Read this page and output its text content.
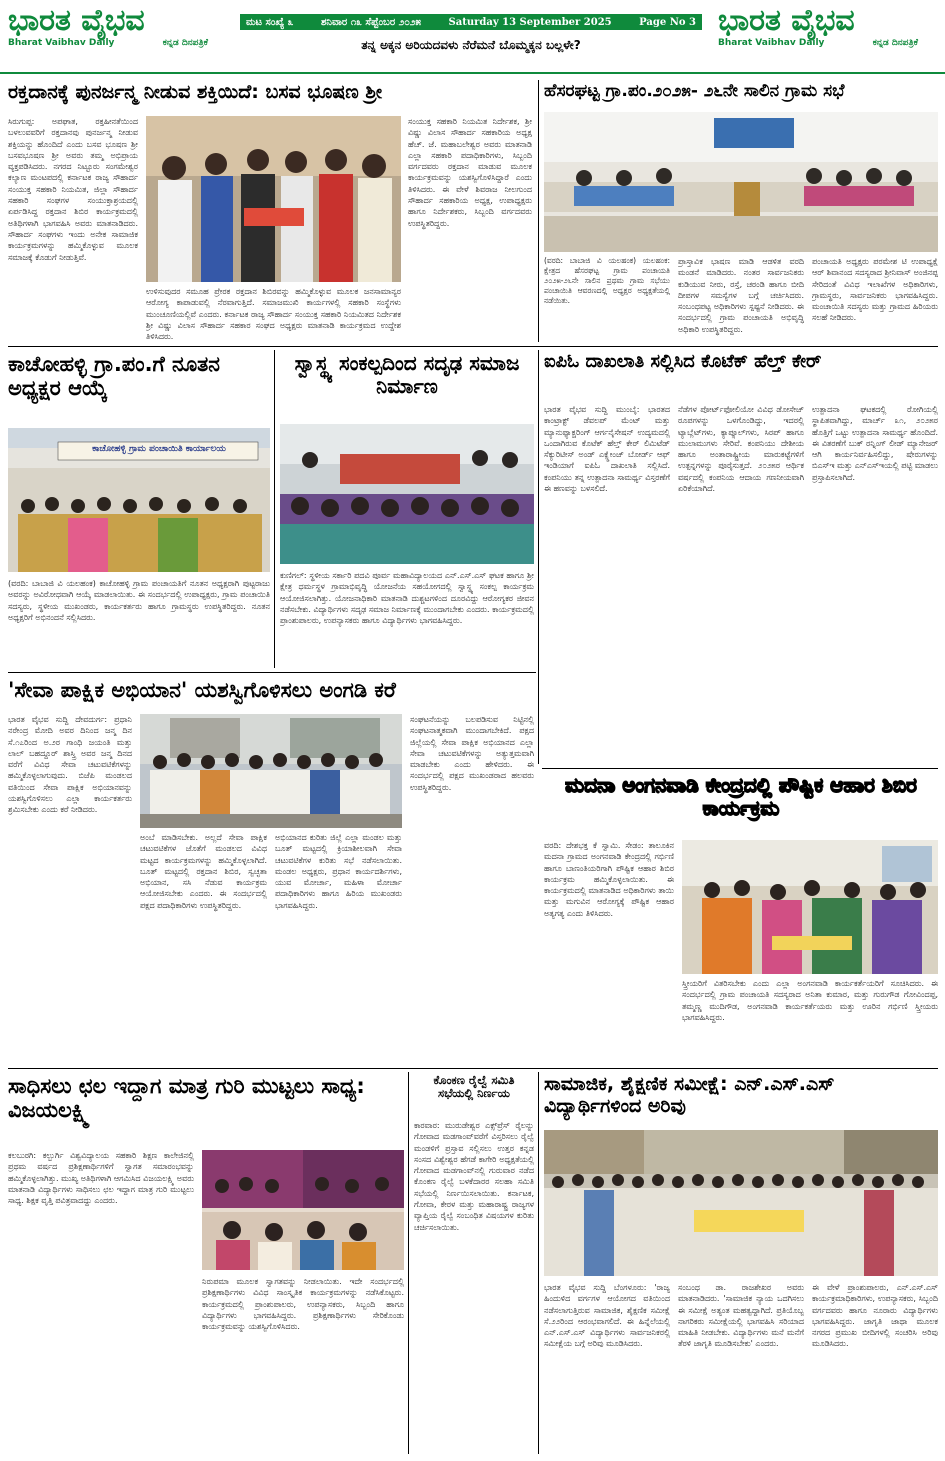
ಭಾರತ ವೈಭವ
Bharat Vaibhav Daily	ಕನ್ನಡ ದಿನಪತ್ರಿಕೆ
ಮಟ ಸಂಖ್ಯೆ ೩	ಶನಿವಾರ ೧೩ ಸೆಪ್ಟೆಂಬರ ೨೦೨೫	Saturday 13 September 2025	Page No 3
ತನ್ನ ಅಕ್ಕನ ಅರಿಯದವಳು ನೆರೆಮನೆ ಬೊಮ್ಮಕ್ಕನ ಬಲ್ಲಳೇ?
ಭಾರತ ವೈಭವ
Bharat Vaibhav Daily	ಕನ್ನಡ ದಿನಪತ್ರಿಕೆ
ರಕ್ತದಾನಕ್ಕೆ ಪುನರ್ಜನ್ಮ ನೀಡುವ ಶಕ್ತಿಯಿದೆ: ಬಸವ ಭೂಷಣ ಶ್ರೀ
ಸಿರುಗುಪ್ಪ: ಅಪಘಾತ, ರಕ್ತಹೀನತೆಯಿಂದ ಬಳಲುವವರಿಗೆ ರಕ್ತದಾನವು ಪುನರ್ಜನ್ಮ ನೀಡುವ ಶಕ್ತಿಯನ್ನು ಹೊಂದಿದೆ ಎಂದು ಬಸವ ಭೂಷಣ ಶ್ರೀ ಬಸವಭೂಷಣ ಶ್ರೀ ಅವರು ತಮ್ಮ ಅಭಿಪ್ರಾಯ ವ್ಯಕ್ತಪಡಿಸಿದರು. ನಗರದ ನಿಟ್ಟೂರು ಸಂಗಮೇಶ್ವರ ಕಲ್ಯಾಣ ಮಂಟಪದಲ್ಲಿ ಕರ್ನಾಟಕ ರಾಜ್ಯ ಸೌಹಾರ್ದ ಸಂಯುಕ್ತ ಸಹಕಾರಿ ನಿಯಮಿತ, ಜಿಲ್ಲಾ ಸೌಹಾರ್ದ ಸಹಕಾರಿ ಸಂಘಗಳ ಸಂಯುಕ್ತಾಶ್ರಯದಲ್ಲಿ ಏರ್ಪಡಿಸಿದ್ದ ರಕ್ತದಾನ ಶಿಬಿರ ಕಾರ್ಯಕ್ರಮದಲ್ಲಿ ಅತಿಥಿಗಳಾಗಿ ಭಾಗವಹಿಸಿ ಅವರು ಮಾತನಾಡಿದರು. ಸೌಹಾರ್ದ ಸಂಘಗಳು ಇಂದು ಅನೇಕ ಸಾಮಾಜಿಕ ಕಾರ್ಯಕ್ರಮಗಳನ್ನು ಹಮ್ಮಿಕೊಳ್ಳುವ ಮೂಲಕ ಸಮಾಜಕ್ಕೆ ಕೊಡುಗೆ ನೀಡುತ್ತಿವೆ.
ಉಳಿಸುವುದರ ಸಮೂಹ ಪ್ರೇರಕ ರಕ್ತದಾನ ಶಿಬಿರವನ್ನು ಹಮ್ಮಿಕೊಳ್ಳುವ ಮೂಲಕ ಜನಸಾಮಾನ್ಯರ ಆರೋಗ್ಯ ಕಾಪಾಡುವಲ್ಲಿ ನೆರವಾಗುತ್ತಿದೆ. ಸಮಾಜಮುಖಿ ಕಾರ್ಯಗಳಲ್ಲಿ ಸಹಕಾರಿ ಸಂಸ್ಥೆಗಳು ಮುಂಚೂಣಿಯಲ್ಲಿವೆ ಎಂದರು. ಕರ್ನಾಟಕ ರಾಜ್ಯ ಸೌಹಾರ್ದ ಸಂಯುಕ್ತ ಸಹಕಾರಿ ನಿಯಮಿತದ ನಿರ್ದೇಶಕ ಶ್ರೀ ವಿಷ್ಣು ವಿಲಾಸ ಸೌಹಾರ್ದ ಸಹಕಾರ ಸಂಘದ ಅಧ್ಯಕ್ಷರು ಮಾತನಾಡಿ ಕಾರ್ಯಕ್ರಮದ ಉದ್ದೇಶ ತಿಳಿಸಿದರು.
ಸಂಯುಕ್ತ ಸಹಕಾರಿ ನಿಯಮಿತ ನಿರ್ದೇಶಕ, ಶ್ರೀ ವಿಷ್ಣು ವಿಲಾಸ ಸೌಹಾರ್ದ ಸಹಕಾರಿಯ ಅಧ್ಯಕ್ಷ ಹೆಚ್. ಜೆ. ಮಹಾಬಲೇಶ್ವರ ಅವರು ಮಾತನಾಡಿ ಎಲ್ಲಾ ಸಹಕಾರಿ ಪದಾಧಿಕಾರಿಗಳು, ಸಿಬ್ಬಂದಿ ವರ್ಗದವರು ರಕ್ತದಾನ ಮಾಡುವ ಮೂಲಕ ಕಾರ್ಯಕ್ರಮವನ್ನು ಯಶಸ್ವಿಗೊಳಿಸಿದ್ದಾರೆ ಎಂದು ತಿಳಿಸಿದರು. ಈ ವೇಳೆ ಶಿವರಾಜ ನೀಲಗುಂದ ಸೌಹಾರ್ದ ಸಹಕಾರಿಯ ಅಧ್ಯಕ್ಷ, ಉಪಾಧ್ಯಕ್ಷರು ಹಾಗೂ ನಿರ್ದೇಶಕರು, ಸಿಬ್ಬಂದಿ ವರ್ಗದವರು ಉಪಸ್ಥಿತರಿದ್ದರು.
ಹೆಸರಘಟ್ಟ ಗ್ರಾ.ಪಂ.೨೦೨೫- ೨೬ನೇ ಸಾಲಿನ ಗ್ರಾಮ ಸಭೆ
(ವರದಿ: ಬಾಬಾಜಿ ವಿ ಯಲಹಂಕ) ಯಲಹಂಕ: ಕ್ಷೇತ್ರದ ಹೆಸರಘಟ್ಟ ಗ್ರಾಮ ಪಂಚಾಯತಿ ೨೦೨೫-೨೬ನೇ ಸಾಲಿನ ಪ್ರಥಮ ಗ್ರಾಮ ಸಭೆಯು ಪಂಚಾಯಿತಿ ಆವರಣದಲ್ಲಿ ಅಧ್ಯಕ್ಷರ ಅಧ್ಯಕ್ಷತೆಯಲ್ಲಿ ನಡೆಯಿತು.
ಪ್ರಾಸ್ತಾವಿಕ ಭಾಷಣ ಮಾಡಿ ಆಡಳಿತ ವರದಿ ಮಂಡನೆ ಮಾಡಿದರು. ನಂತರ ಸಾರ್ವಜನಿಕರು ಕುಡಿಯುವ ನೀರು, ರಸ್ತೆ, ಚರಂಡಿ ಹಾಗೂ ಬೀದಿ ದೀಪಗಳ ಸಮಸ್ಯೆಗಳ ಬಗ್ಗೆ ಚರ್ಚಿಸಿದರು. ಸಂಬಂಧಪಟ್ಟ ಅಧಿಕಾರಿಗಳು ಸ್ಪಷ್ಟನೆ ನೀಡಿದರು. ಈ ಸಂದರ್ಭದಲ್ಲಿ ಗ್ರಾಮ ಪಂಚಾಯತಿ ಅಭಿವೃದ್ಧಿ ಅಧಿಕಾರಿ ಉಪಸ್ಥಿತರಿದ್ದರು.
ಪಂಚಾಯತಿ ಅಧ್ಯಕ್ಷರು ಪರಮೇಶ ಟಿ ಉಪಾಧ್ಯಕ್ಷೆ ಆರ್ ಶಿವಾನಂದ ಸದಸ್ಯರಾದ ಶ್ರೀನಿವಾಸ್ ಅಂಜಿನಪ್ಪ ಸೇರಿದಂತೆ ವಿವಿಧ ಇಲಾಖೆಗಳ ಅಧಿಕಾರಿಗಳು, ಗ್ರಾಮಸ್ಥರು, ಸಾರ್ವಜನಿಕರು ಭಾಗವಹಿಸಿದ್ದರು. ಮಂಚಾಯಿತಿ ಸದಸ್ಯರು ಮತ್ತು ಗ್ರಾಮದ ಹಿರಿಯರು ಸಲಹೆ ನೀಡಿದರು.
ಕಾಚೋಹಳ್ಳಿ ಗ್ರಾ.ಪಂ.ಗೆ ನೂತನ ಅಧ್ಯಕ್ಷರ ಆಯ್ಕೆ
ಕಾಚೋಹಳ್ಳಿ ಗ್ರಾಮ ಪಂಚಾಯಿತಿ ಕಾರ್ಯಾಲಯ
(ವರದಿ: ಬಾಬಾಜಿ ವಿ ಯಲಹಂಕ) ಕಾಚೋಹಳ್ಳಿ ಗ್ರಾಮ ಪಂಚಾಯತಿಗೆ ನೂತನ ಅಧ್ಯಕ್ಷರಾಗಿ ಪುಟ್ಟರಾಜು ಅವರನ್ನು ಅವಿರೋಧವಾಗಿ ಆಯ್ಕೆ ಮಾಡಲಾಯಿತು. ಈ ಸಂದರ್ಭದಲ್ಲಿ ಉಪಾಧ್ಯಕ್ಷರು, ಗ್ರಾಮ ಪಂಚಾಯಿತಿ ಸದಸ್ಯರು, ಸ್ಥಳೀಯ ಮುಖಂಡರು, ಕಾರ್ಯಕರ್ತರು ಹಾಗೂ ಗ್ರಾಮಸ್ಥರು ಉಪಸ್ಥಿತರಿದ್ದರು. ನೂತನ ಅಧ್ಯಕ್ಷರಿಗೆ ಅಭಿನಂದನೆ ಸಲ್ಲಿಸಿದರು.
ಸ್ವಾಸ್ಥ್ಯ ಸಂಕಲ್ಪದಿಂದ ಸದೃಢ ಸಮಾಜ ನಿರ್ಮಾಣ
ಕುಣಿಗಲ್: ಸ್ಥಳೀಯ ಸರ್ಕಾರಿ ಪದವಿ ಪೂರ್ವ ಮಹಾವಿದ್ಯಾಲಯದ ಎನ್.ಎಸ್.ಎಸ್ ಘಟಕ ಹಾಗೂ ಶ್ರೀ ಕ್ಷೇತ್ರ ಧರ್ಮಸ್ಥಳ ಗ್ರಾಮಾಭಿವೃದ್ಧಿ ಯೋಜನೆಯ ಸಹಯೋಗದಲ್ಲಿ ಸ್ವಾಸ್ಥ್ಯ ಸಂಕಲ್ಪ ಕಾರ್ಯಕ್ರಮ ಆಯೋಜಿಸಲಾಗಿತ್ತು. ಯೋಜನಾಧಿಕಾರಿ ಮಾತನಾಡಿ ದುಶ್ಚಟಗಳಿಂದ ದೂರವಿದ್ದು ಆರೋಗ್ಯಕರ ಜೀವನ ನಡೆಸಬೇಕು. ವಿದ್ಯಾರ್ಥಿಗಳು ಸದೃಢ ಸಮಾಜ ನಿರ್ಮಾಣಕ್ಕೆ ಮುಂದಾಗಬೇಕು ಎಂದರು. ಕಾರ್ಯಕ್ರಮದಲ್ಲಿ ಪ್ರಾಂಶುಪಾಲರು, ಉಪನ್ಯಾಸಕರು ಹಾಗೂ ವಿದ್ಯಾರ್ಥಿಗಳು ಭಾಗವಹಿಸಿದ್ದರು.
ಐಪಿಓ ದಾಖಲಾತಿ ಸಲ್ಲಿಸಿದ ಕೊಟೆಕ್ ಹೆಲ್ತ್ ಕೇರ್
ಭಾರತ ವೈಭವ ಸುದ್ದಿ ಮುಂಬೈ: ಭಾರತದ ಕಾಂಟ್ರಾಕ್ಟ್ ಡೆವಲಪ್ ಮೆಂಟ್ ಮತ್ತು ಮ್ಯಾನುಫ್ಯಾಕ್ಚರಿಂಗ್ ಆರ್ಗನೈಸೇಷನ್ ಉದ್ಯಮದಲ್ಲಿ ಒಂದಾಗಿರುವ ಕೊಟೆಕ್ ಹೆಲ್ತ್ ಕೇರ್ ಲಿಮಿಟೆಡ್ ಸೆಕ್ಯುರಿಟೀಸ್ ಅಂಡ್ ಎಕ್ಸ್ಚೇಂಜ್ ಬೋರ್ಡ್ ಆಫ್ ಇಂಡಿಯಾಗೆ ಐಪಿಓ ದಾಖಲಾತಿ ಸಲ್ಲಿಸಿದೆ. ಕಂಪನಿಯು ತನ್ನ ಉತ್ಪಾದನಾ ಸಾಮರ್ಥ್ಯ ವಿಸ್ತರಣೆಗೆ ಈ ಹಣವನ್ನು ಬಳಸಲಿದೆ.
ನೆಡೆಗಳ ಪೋರ್ಟ್‌ಫೋಲಿಯೋ ವಿವಿಧ ಡೋಸೇಜ್ ರೂಪಗಳನ್ನು ಒಳಗೊಂಡಿದ್ದು, ಇದರಲ್ಲಿ ಟ್ಯಾಬ್ಲೆಟ್‌ಗಳು, ಕ್ಯಾಪ್ಸೂಲ್‌ಗಳು, ಸಿರಪ್ ಹಾಗೂ ಮುಲಾಮುಗಳು ಸೇರಿವೆ. ಕಂಪನಿಯು ದೇಶೀಯ ಹಾಗೂ ಅಂತಾರಾಷ್ಟ್ರೀಯ ಮಾರುಕಟ್ಟೆಗಳಿಗೆ ಉತ್ಪನ್ನಗಳನ್ನು ಪೂರೈಸುತ್ತದೆ. ೨೦೨೫ರ ಆರ್ಥಿಕ ವರ್ಷದಲ್ಲಿ ಕಂಪನಿಯ ಆದಾಯ ಗಣನೀಯವಾಗಿ ಏರಿಕೆಯಾಗಿದೆ.
ಉತ್ಪಾದನಾ ಘಟಕದಲ್ಲಿ ರೋಗಿಯಲ್ಲಿ ಸ್ಥಾಪಿತವಾಗಿದ್ದು, ಮಾರ್ಚ್ ೩೧, ೨೦೨೫ರ ಹೊತ್ತಿಗೆ ಒಟ್ಟು ಉತ್ಪಾದನಾ ಸಾಮರ್ಥ್ಯ ಹೊಂದಿದೆ. ಈ ವಿತರಣೆಗೆ ಬುಕ್ ರನ್ನಿಂಗ್ ಲೀಡ್ ಮ್ಯಾನೇಜರ್ ಆಗಿ ಕಾರ್ಯನಿರ್ವಹಿಸಲಿದ್ದು, ಷೇರುಗಳನ್ನು ಬಿಎಸ್‌ಇ ಮತ್ತು ಎನ್‌ಎಸ್‌ಇಯಲ್ಲಿ ಪಟ್ಟಿ ಮಾಡಲು ಪ್ರಸ್ತಾಪಿಸಲಾಗಿದೆ.
'ಸೇವಾ ಪಾಕ್ಷಿಕ ಅಭಿಯಾನ' ಯಶಸ್ವಿಗೊಳಿಸಲು ಅಂಗಡಿ ಕರೆ
ಭಾರತ ವೈಭವ ಸುದ್ದಿ ದೇವದುರ್ಗ: ಪ್ರಧಾನಿ ನರೇಂದ್ರ ಮೋದಿ ಅವರ ದಿನಿಂದ ಜನ್ಮ ದಿನ ಸೆ.೧೭ರಿಂದ ಅ.೨ರ ಗಾಂಧಿ ಜಯಂತಿ ಮತ್ತು ಲಾಲ್ ಬಹದ್ದೂರ್ ಶಾಸ್ತ್ರಿ ಅವರ ಜನ್ಮ ದಿನದ ವರೆಗೆ ವಿವಿಧ ಸೇವಾ ಚಟುವಟಿಕೆಗಳನ್ನು ಹಮ್ಮಿಕೊಳ್ಳಲಾಗುವುದು. ಬಿಜೆಪಿ ಮಂಡಲದ ವತಿಯಿಂದ ಸೇವಾ ಪಾಕ್ಷಿಕ ಅಭಿಯಾನವನ್ನು ಯಶಸ್ವಿಗೊಳಿಸಲು ಎಲ್ಲಾ ಕಾರ್ಯಕರ್ತರು ಶ್ರಮಿಸಬೇಕು ಎಂದು ಕರೆ ನೀಡಿದರು.
ಅಂಬೆ ಮಾಡಿಸಬೇಕು. ಅಲ್ಲದೆ ಸೇವಾ ಪಾಕ್ಷಿಕ ಚಟುವಟಿಕೆಗಳ ಜೊತೆಗೆ ಮಂಡಲದ ವಿವಿಧ ಮಟ್ಟದ ಕಾರ್ಯಕ್ರಮಗಳನ್ನು ಹಮ್ಮಿಕೊಳ್ಳಲಾಗಿದೆ. ಬೂತ್ ಮಟ್ಟದಲ್ಲಿ ರಕ್ತದಾನ ಶಿಬಿರ, ಸ್ವಚ್ಛತಾ ಅಭಿಯಾನ, ಸಸಿ ನೆಡುವ ಕಾರ್ಯಕ್ರಮ ಆಯೋಜಿಸಬೇಕು ಎಂದರು. ಈ ಸಂದರ್ಭದಲ್ಲಿ ಪಕ್ಷದ ಪದಾಧಿಕಾರಿಗಳು ಉಪಸ್ಥಿತರಿದ್ದರು.
ಅಭಿಯಾನದ ಕುರಿತು ಜಿಲ್ಲೆ ಎಲ್ಲಾ ಮಂಡಲ ಮತ್ತು ಬೂತ್ ಮಟ್ಟದಲ್ಲಿ ಕ್ರಿಯಾಶೀಲವಾಗಿ ಸೇವಾ ಚಟುವಟಿಕೆಗಳ ಕುರಿತು ಸಭೆ ನಡೆಸಲಾಯಿತು. ಮಂಡಲ ಅಧ್ಯಕ್ಷರು, ಪ್ರಧಾನ ಕಾರ್ಯದರ್ಶಿಗಳು, ಯುವ ಮೋರ್ಚಾ, ಮಹಿಳಾ ಮೋರ್ಚಾ ಪದಾಧಿಕಾರಿಗಳು ಹಾಗೂ ಹಿರಿಯ ಮುಖಂಡರು ಭಾಗವಹಿಸಿದ್ದರು.
ಸಂಘಟನೆಯನ್ನು ಬಲಪಡಿಸುವ ನಿಟ್ಟಿನಲ್ಲಿ ಸಂಘಟನಾತ್ಮಕವಾಗಿ ಮುಂದಾಗಬೇಕಿದೆ. ಪಕ್ಷದ ಜಿಲ್ಲೆಯಲ್ಲಿ ಸೇವಾ ಪಾಕ್ಷಿಕ ಅಭಿಯಾನದ ಎಲ್ಲಾ ಸೇವಾ ಚಟುವಟಿಕೆಗಳನ್ನು ಅತ್ಯುತ್ತಮವಾಗಿ ಮಾಡಬೇಕು ಎಂದು ಹೇಳಿದರು. ಈ ಸಂದರ್ಭದಲ್ಲಿ ಪಕ್ಷದ ಮುಖಂಡರಾದ ಹಲವರು ಉಪಸ್ಥಿತರಿದ್ದರು.	ಮದನಾ ಅಂಗನವಾಡಿ ಕೇಂದ್ರದಲ್ಲಿ ಪೌಷ್ಟಿಕ ಆಹಾರ ಶಿಬಿರ ಕಾರ್ಯಕ್ರಮ
ವರದಿ: ದೇಶಭಕ್ತ ಕೆ ಸ್ವಾಮಿ. ಸೇಡಂ: ತಾಲೂಕಿನ ಮದನಾ ಗ್ರಾಮದ ಅಂಗನವಾಡಿ ಕೇಂದ್ರದಲ್ಲಿ ಗರ್ಭಿಣಿ ಹಾಗೂ ಬಾಣಂತಿಯರಿಗಾಗಿ ಪೌಷ್ಟಿಕ ಆಹಾರ ಶಿಬಿರ ಕಾರ್ಯಕ್ರಮ ಹಮ್ಮಿಕೊಳ್ಳಲಾಯಿತು. ಈ ಕಾರ್ಯಕ್ರಮದಲ್ಲಿ ಮಾತನಾಡಿದ ಅಧಿಕಾರಿಗಳು ತಾಯಿ ಮತ್ತು ಮಗುವಿನ ಆರೋಗ್ಯಕ್ಕೆ ಪೌಷ್ಟಿಕ ಆಹಾರ ಅತ್ಯಗತ್ಯ ಎಂದು ತಿಳಿಸಿದರು.
ಸ್ತ್ರೀಯರಿಗೆ ವಿತರಿಸಬೇಕು ಎಂದು ಎಲ್ಲಾ ಅಂಗನವಾಡಿ ಕಾರ್ಯಕರ್ತೆಯರಿಗೆ ಸೂಚಿಸಿದರು. ಈ ಸಂದರ್ಭದಲ್ಲಿ ಗ್ರಾಮ ಪಂಚಾಯತಿ ಸದಸ್ಯರಾದ ಅನಿತಾ ಕುಮಾರ, ಮತ್ತು ಗುರುಗೌಡ ಗೋವಿಂದಪ್ಪ, ತಮ್ಮಣ್ಣ ಮುದಿಗೌಡ, ಅಂಗನವಾಡಿ ಕಾರ್ಯಕರ್ತೆಯರು ಮತ್ತು ಊರಿನ ಗರ್ಭಿಣಿ ಸ್ತ್ರೀಯರು ಭಾಗವಹಿಸಿದ್ದರು.
ಸಾಧಿಸಲು ಛಲ ಇದ್ದಾಗ ಮಾತ್ರ ಗುರಿ ಮುಟ್ಟಲು ಸಾಧ್ಯ: ವಿಜಯಲಕ್ಷ್ಮಿ
ಕಲಬುರಗಿ: ಕಲ್ಬುರ್ಗಿ ವಿಶ್ವವಿದ್ಯಾಲಯ ಸಹಕಾರಿ ಶಿಕ್ಷಣ ಕಾಲೇಜಿನಲ್ಲಿ ಪ್ರಥಮ ವರ್ಷದ ಪ್ರಶಿಕ್ಷಣಾರ್ಥಿಗಳಿಗೆ ಸ್ವಾಗತ ಸಮಾರಂಭವನ್ನು ಹಮ್ಮಿಕೊಳ್ಳಲಾಗಿತ್ತು. ಮುಖ್ಯ ಅತಿಥಿಗಳಾಗಿ ಆಗಮಿಸಿದ ವಿಜಯಲಕ್ಷ್ಮಿ ಅವರು ಮಾತನಾಡಿ ವಿದ್ಯಾರ್ಥಿಗಳು ಸಾಧಿಸಲು ಛಲ ಇದ್ದಾಗ ಮಾತ್ರ ಗುರಿ ಮುಟ್ಟಲು ಸಾಧ್ಯ. ಶಿಕ್ಷಕ ವೃತ್ತಿ ಪವಿತ್ರವಾದದ್ದು ಎಂದರು.
ನಿರುಪಮಾ ಮೂಲಕ ಸ್ವಾಗತವನ್ನು ನೀಡಲಾಯಿತು. ಇದೇ ಸಂದರ್ಭದಲ್ಲಿ ಪ್ರಶಿಕ್ಷಣಾರ್ಥಿಗಳು ವಿವಿಧ ಸಾಂಸ್ಕೃತಿಕ ಕಾರ್ಯಕ್ರಮಗಳನ್ನು ನಡೆಸಿಕೊಟ್ಟರು. ಕಾರ್ಯಕ್ರಮದಲ್ಲಿ ಪ್ರಾಂಶುಪಾಲರು, ಉಪನ್ಯಾಸಕರು, ಸಿಬ್ಬಂದಿ ಹಾಗೂ ವಿದ್ಯಾರ್ಥಿಗಳು ಭಾಗವಹಿಸಿದ್ದರು. ಪ್ರಶಿಕ್ಷಣಾರ್ಥಿಗಳು ಸೇರಿಕೊಂಡು ಕಾರ್ಯಕ್ರಮವನ್ನು ಯಶಸ್ವಿಗೊಳಿಸಿದರು.
ಕೊಂಕಣ ರೈಲ್ವೆ ಸಮಿತಿ ಸಭೆಯಲ್ಲಿ ನಿರ್ಣಯ
ಕಾರವಾರ: ಮುರುಡೇಶ್ವರ ಎಕ್ಸ್‌ಪ್ರೆಸ್ ರೈಲನ್ನು ಗೋವಾದ ಮಡಗಾಂವ್‌ವರೆಗೆ ವಿಸ್ತರಿಸಲು ರೈಲ್ವೆ ಮಂಡಳಿಗೆ ಪ್ರಸ್ತಾವ ಸಲ್ಲಿಸಲು ಉತ್ತರ ಕನ್ನಡ ಸಂಸದ ವಿಶ್ವೇಶ್ವರ ಹೆಗಡೆ ಕಾಗೇರಿ ಅಧ್ಯಕ್ಷತೆಯಲ್ಲಿ ಗೋವಾದ ಮಡಗಾಂವ್‌ನಲ್ಲಿ ಗುರುವಾರ ನಡೆದ ಕೊಂಕಣ ರೈಲ್ವೆ ಬಳಕೆದಾರರ ಸಲಹಾ ಸಮಿತಿ ಸಭೆಯಲ್ಲಿ ನಿರ್ಣಯಿಸಲಾಯಿತು. ಕರ್ನಾಟಕ, ಗೋವಾ, ಕೇರಳ ಮತ್ತು ಮಹಾರಾಷ್ಟ್ರ ರಾಜ್ಯಗಳ ವ್ಯಾಪ್ತಿಯ ರೈಲ್ವೆ ಸಂಬಂಧಿತ ವಿಷಯಗಳ ಕುರಿತು ಚರ್ಚಿಸಲಾಯಿತು.
ಸಾಮಾಜಿಕ, ಶೈಕ್ಷಣಿಕ ಸಮೀಕ್ಷೆ: ಎನ್.ಎಸ್.ಎಸ್ ವಿದ್ಯಾರ್ಥಿಗಳಿಂದ ಅರಿವು
ಭಾರತ ವೈಭವ ಸುದ್ದಿ ಬೆಂಗಳೂರು: 'ರಾಜ್ಯ ಹಿಂದುಳಿದ ವರ್ಗಗಳ ಆಯೋಗದ ವತಿಯಿಂದ ನಡೆಸಲಾಗುತ್ತಿರುವ ಸಾಮಾಜಿಕ, ಶೈಕ್ಷಣಿಕ ಸಮೀಕ್ಷೆ ಸೆ.೨೨ರಿಂದ ಆರಂಭವಾಗಲಿದೆ. ಈ ಹಿನ್ನೆಲೆಯಲ್ಲಿ ಎನ್.ಎಸ್.ಎಸ್ ವಿದ್ಯಾರ್ಥಿಗಳು ಸಾರ್ವಜನಿಕರಲ್ಲಿ ಸಮೀಕ್ಷೆಯ ಬಗ್ಗೆ ಅರಿವು ಮೂಡಿಸಿದರು.
ಸಂಬಂಧ ಡಾ. ರಾಜಶೇಖರ ಅವರು ಮಾತನಾಡಿದರು. 'ಸಾಮಾಜಿಕ ನ್ಯಾಯ ಒದಗಿಸಲು ಈ ಸಮೀಕ್ಷೆ ಅತ್ಯಂತ ಮಹತ್ವದ್ದಾಗಿದೆ. ಪ್ರತಿಯೊಬ್ಬ ನಾಗರಿಕರು ಸಮೀಕ್ಷೆಯಲ್ಲಿ ಭಾಗವಹಿಸಿ ಸರಿಯಾದ ಮಾಹಿತಿ ನೀಡಬೇಕು. ವಿದ್ಯಾರ್ಥಿಗಳು ಮನೆ ಮನೆಗೆ ತೆರಳಿ ಜಾಗೃತಿ ಮೂಡಿಸಬೇಕು' ಎಂದರು.
ಈ ವೇಳೆ ಪ್ರಾಂಶುಪಾಲರು, ಎನ್.ಎಸ್.ಎಸ್ ಕಾರ್ಯಕ್ರಮಾಧಿಕಾರಿಗಳು, ಉಪನ್ಯಾಸಕರು, ಸಿಬ್ಬಂದಿ ವರ್ಗದವರು ಹಾಗೂ ನೂರಾರು ವಿದ್ಯಾರ್ಥಿಗಳು ಭಾಗವಹಿಸಿದ್ದರು. ಜಾಗೃತಿ ಜಾಥಾ ಮೂಲಕ ನಗರದ ಪ್ರಮುಖ ಬೀದಿಗಳಲ್ಲಿ ಸಂಚರಿಸಿ ಅರಿವು ಮೂಡಿಸಿದರು.
